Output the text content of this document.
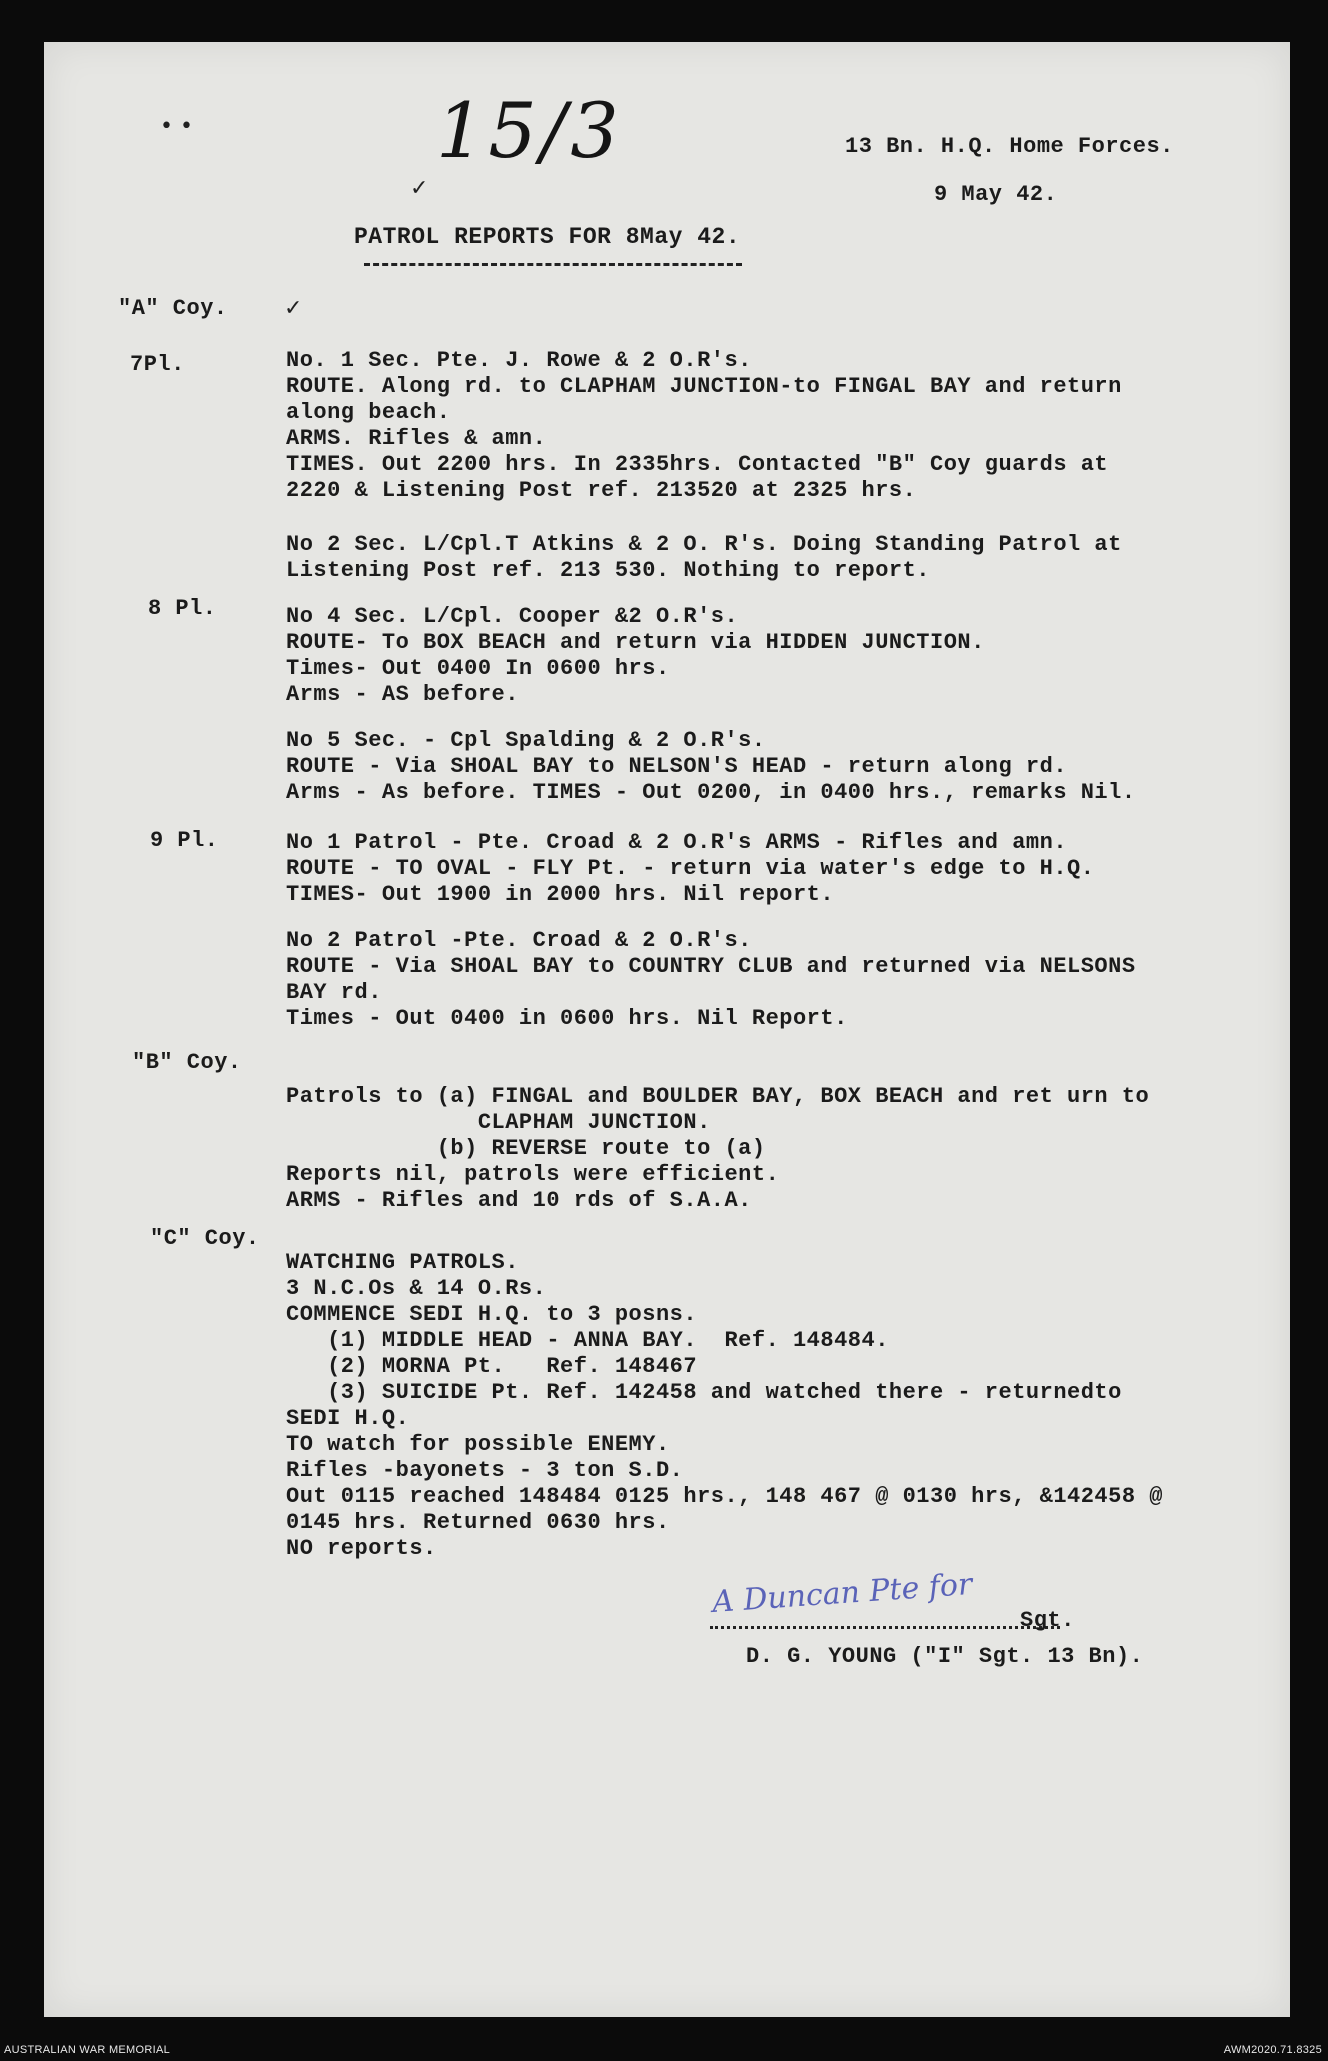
15/3
• •
✓
13 Bn. H.Q. Home Forces.
9 May 42.
PATROL REPORTS FOR 8May 42.
"A" Coy.	✓
7Pl.	No. 1 Sec. Pte. J. Rowe & 2 O.R's.
ROUTE. Along rd. to CLAPHAM JUNCTION-to FINGAL BAY and return
along beach.
ARMS. Rifles & amn.
TIMES. Out 2200 hrs. In 2335hrs. Contacted "B" Coy guards at
2220 & Listening Post ref. 213520 at 2325 hrs.
No 2 Sec. L/Cpl.T Atkins & 2 O. R's. Doing Standing Patrol at
Listening Post ref. 213 530. Nothing to report.
8 Pl.	No 4 Sec. L/Cpl. Cooper &2 O.R's.
ROUTE- To BOX BEACH and return via HIDDEN JUNCTION.
Times- Out 0400 In 0600 hrs.
Arms - AS before.
No 5 Sec. - Cpl Spalding & 2 O.R's.
ROUTE - Via SHOAL BAY to NELSON'S HEAD - return along rd.
Arms - As before. TIMES - Out 0200, in 0400 hrs., remarks Nil.
9 Pl.	No 1 Patrol - Pte. Croad & 2 O.R's ARMS - Rifles and amn.
ROUTE - TO OVAL - FLY Pt. - return via water's edge to H.Q.
TIMES- Out 1900 in 2000 hrs. Nil report.
No 2 Patrol -Pte. Croad & 2 O.R's.
ROUTE - Via SHOAL BAY to COUNTRY CLUB and returned via NELSONS
BAY rd.
Times - Out 0400 in 0600 hrs. Nil Report.
"B" Coy.
Patrols to (a) FINGAL and BOULDER BAY, BOX BEACH and ret urn to
CLAPHAM JUNCTION.
(b) REVERSE route to (a)
Reports nil, patrols were efficient.
ARMS - Rifles and 10 rds of S.A.A.
"C" Coy.
WATCHING PATROLS.
3 N.C.Os & 14 O.Rs.
COMMENCE SEDI H.Q. to 3 posns.
(1) MIDDLE HEAD - ANNA BAY.  Ref. 148484.
(2) MORNA Pt.   Ref. 148467
(3) SUICIDE Pt. Ref. 142458 and watched there - returnedto
SEDI H.Q.
TO watch for possible ENEMY.
Rifles -bayonets - 3 ton S.D.
Out 0115 reached 148484 0125 hrs., 148 467 @ 0130 hrs, &142458 @
0145 hrs. Returned 0630 hrs.
NO reports.
A Duncan Pte for
Sgt.
D. G. YOUNG ("I" Sgt. 13 Bn).
AUSTRALIAN WAR MEMORIAL	AWM2020.71.8325
